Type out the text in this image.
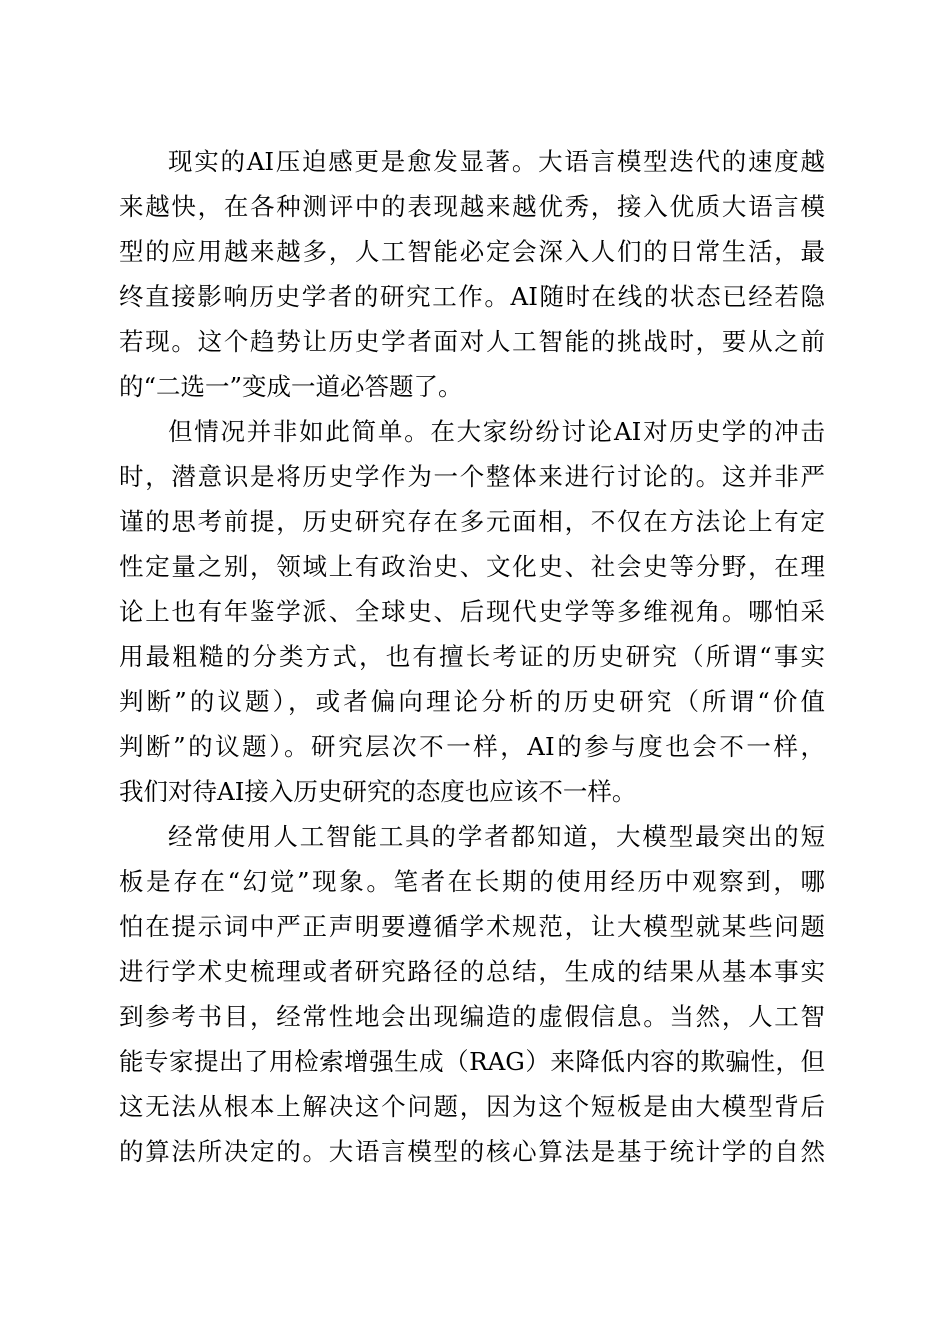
现实的AI压迫感更是愈发显著。大语言模型迭代的速度越
来越快，在各种测评中的表现越来越优秀，接入优质大语言模
型的应用越来越多，人工智能必定会深入人们的日常生活，最
终直接影响历史学者的研究工作。AI随时在线的状态已经若隐
若现。这个趋势让历史学者面对人工智能的挑战时，要从之前
的“二选一”变成一道必答题了。
但情况并非如此简单。在大家纷纷讨论AI对历史学的冲击
时，潜意识是将历史学作为一个整体来进行讨论的。这并非严
谨的思考前提，历史研究存在多元面相，不仅在方法论上有定
性定量之别，领域上有政治史、文化史、社会史等分野，在理
论上也有年鉴学派、全球史、后现代史学等多维视角。哪怕采
用最粗糙的分类方式，也有擅长考证的历史研究（所谓“事实
判断”的议题），或者偏向理论分析的历史研究（所谓“价值
判断”的议题）。研究层次不一样，AI的参与度也会不一样，
我们对待AI接入历史研究的态度也应该不一样。
经常使用人工智能工具的学者都知道，大模型最突出的短
板是存在“幻觉”现象。笔者在长期的使用经历中观察到，哪
怕在提示词中严正声明要遵循学术规范，让大模型就某些问题
进行学术史梳理或者研究路径的总结，生成的结果从基本事实
到参考书目，经常性地会出现编造的虚假信息。当然，人工智
能专家提出了用检索增强生成（RAG）来降低内容的欺骗性，但
这无法从根本上解决这个问题，因为这个短板是由大模型背后
的算法所决定的。大语言模型的核心算法是基于统计学的自然
